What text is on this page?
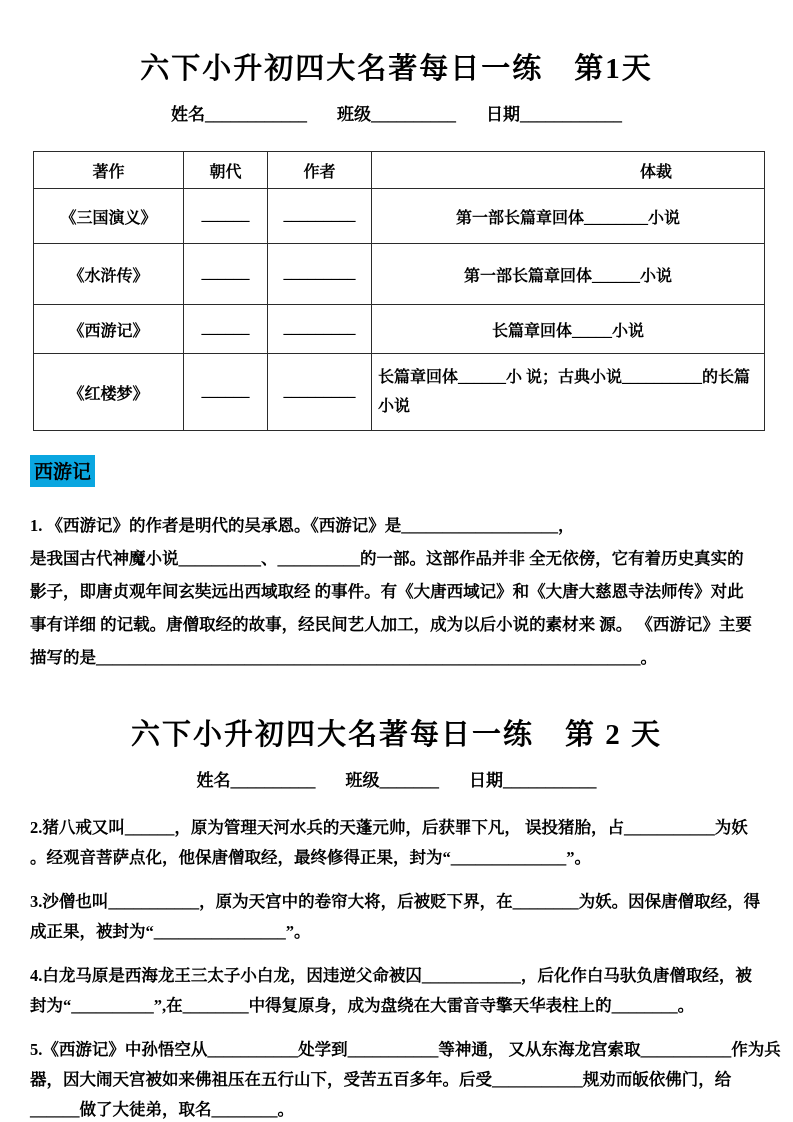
六下小升初四大名著每日一练　第1天
姓名____________ 班级__________ 日期____________
著作	朝代	作者	体裁
《三国演义》	______	_________	第一部长篇章回体________小说
《水浒传》	______	_________	第一部长篇章回体______小说
《西游记》	______	_________	长篇章回体_____小说
《红楼梦》	______	_________	长篇章回体______小 说；古典小说__________的长篇小说
西游记
1. 《西游记》的作者是明代的吴承恩。《西游记》是___________________，
是我国古代神魔小说__________、__________的一部。这部作品并非 全无依傍，它有着历史真实的
影子，即唐贞观年间玄奘远出西域取经 的事件。有《大唐西域记》和《大唐大慈恩寺法师传》对此
事有详细 的记载。唐僧取经的故事，经民间艺人加工，成为以后小说的素材来 源。 《西游记》主要
描写的是__________________________________________________________________。
六下小升初四大名著每日一练　第 2 天
姓名__________ 班级_______ 日期___________
2.猪八戒又叫______，原为管理天河水兵的天蓬元帅，后获罪下凡， 误投猪胎，占___________为妖
。经观音菩萨点化，他保唐僧取经，最终修得正果，封为“______________”。
3.沙僧也叫___________，原为天宫中的卷帘大将，后被贬下界，在________为妖。因保唐僧取经，得
成正果，被封为“________________”。
4.白龙马原是西海龙王三太子小白龙，因违逆父命被囚____________，后化作白马驮负唐僧取经，被
封为“__________”,在________中得复原身，成为盘绕在大雷音寺擎天华表柱上的________。
5.《西游记》中孙悟空从___________处学到___________等神通， 又从东海龙宫索取___________作为兵
器，因大闹天宫被如来佛祖压在五行山下，受苦五百多年。后受___________规劝而皈依佛门，给
______做了大徒弟，取名________。
